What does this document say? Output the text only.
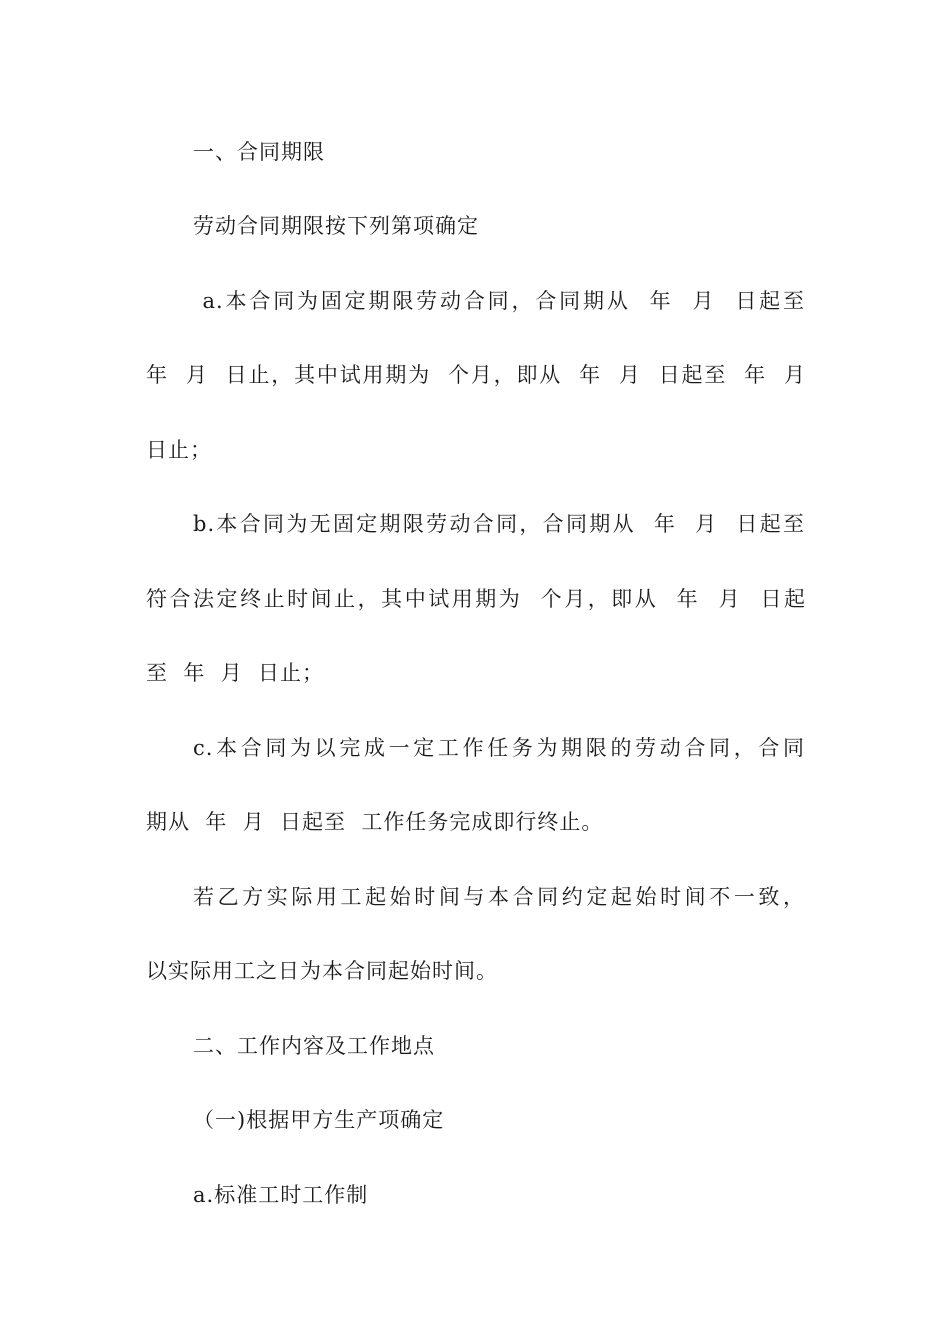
一、合同期限
劳动合同期限按下列第项确定
a.本合同为固定期限劳动合同，合同期从  年  月  日起至
年  月  日止，其中试用期为  个月，即从  年  月  日起至  年  月
日止；
b.本合同为无固定期限劳动合同，合同期从  年  月  日起至
符合法定终止时间止，其中试用期为  个月，即从  年  月  日起
至  年  月  日止；
c.本合同为以完成一定工作任务为期限的劳动合同，合同
期从  年  月  日起至  工作任务完成即行终止。
若乙方实际用工起始时间与本合同约定起始时间不一致，
以实际用工之日为本合同起始时间。
二、工作内容及工作地点
（一)根据甲方生产项确定
a.标准工时工作制
